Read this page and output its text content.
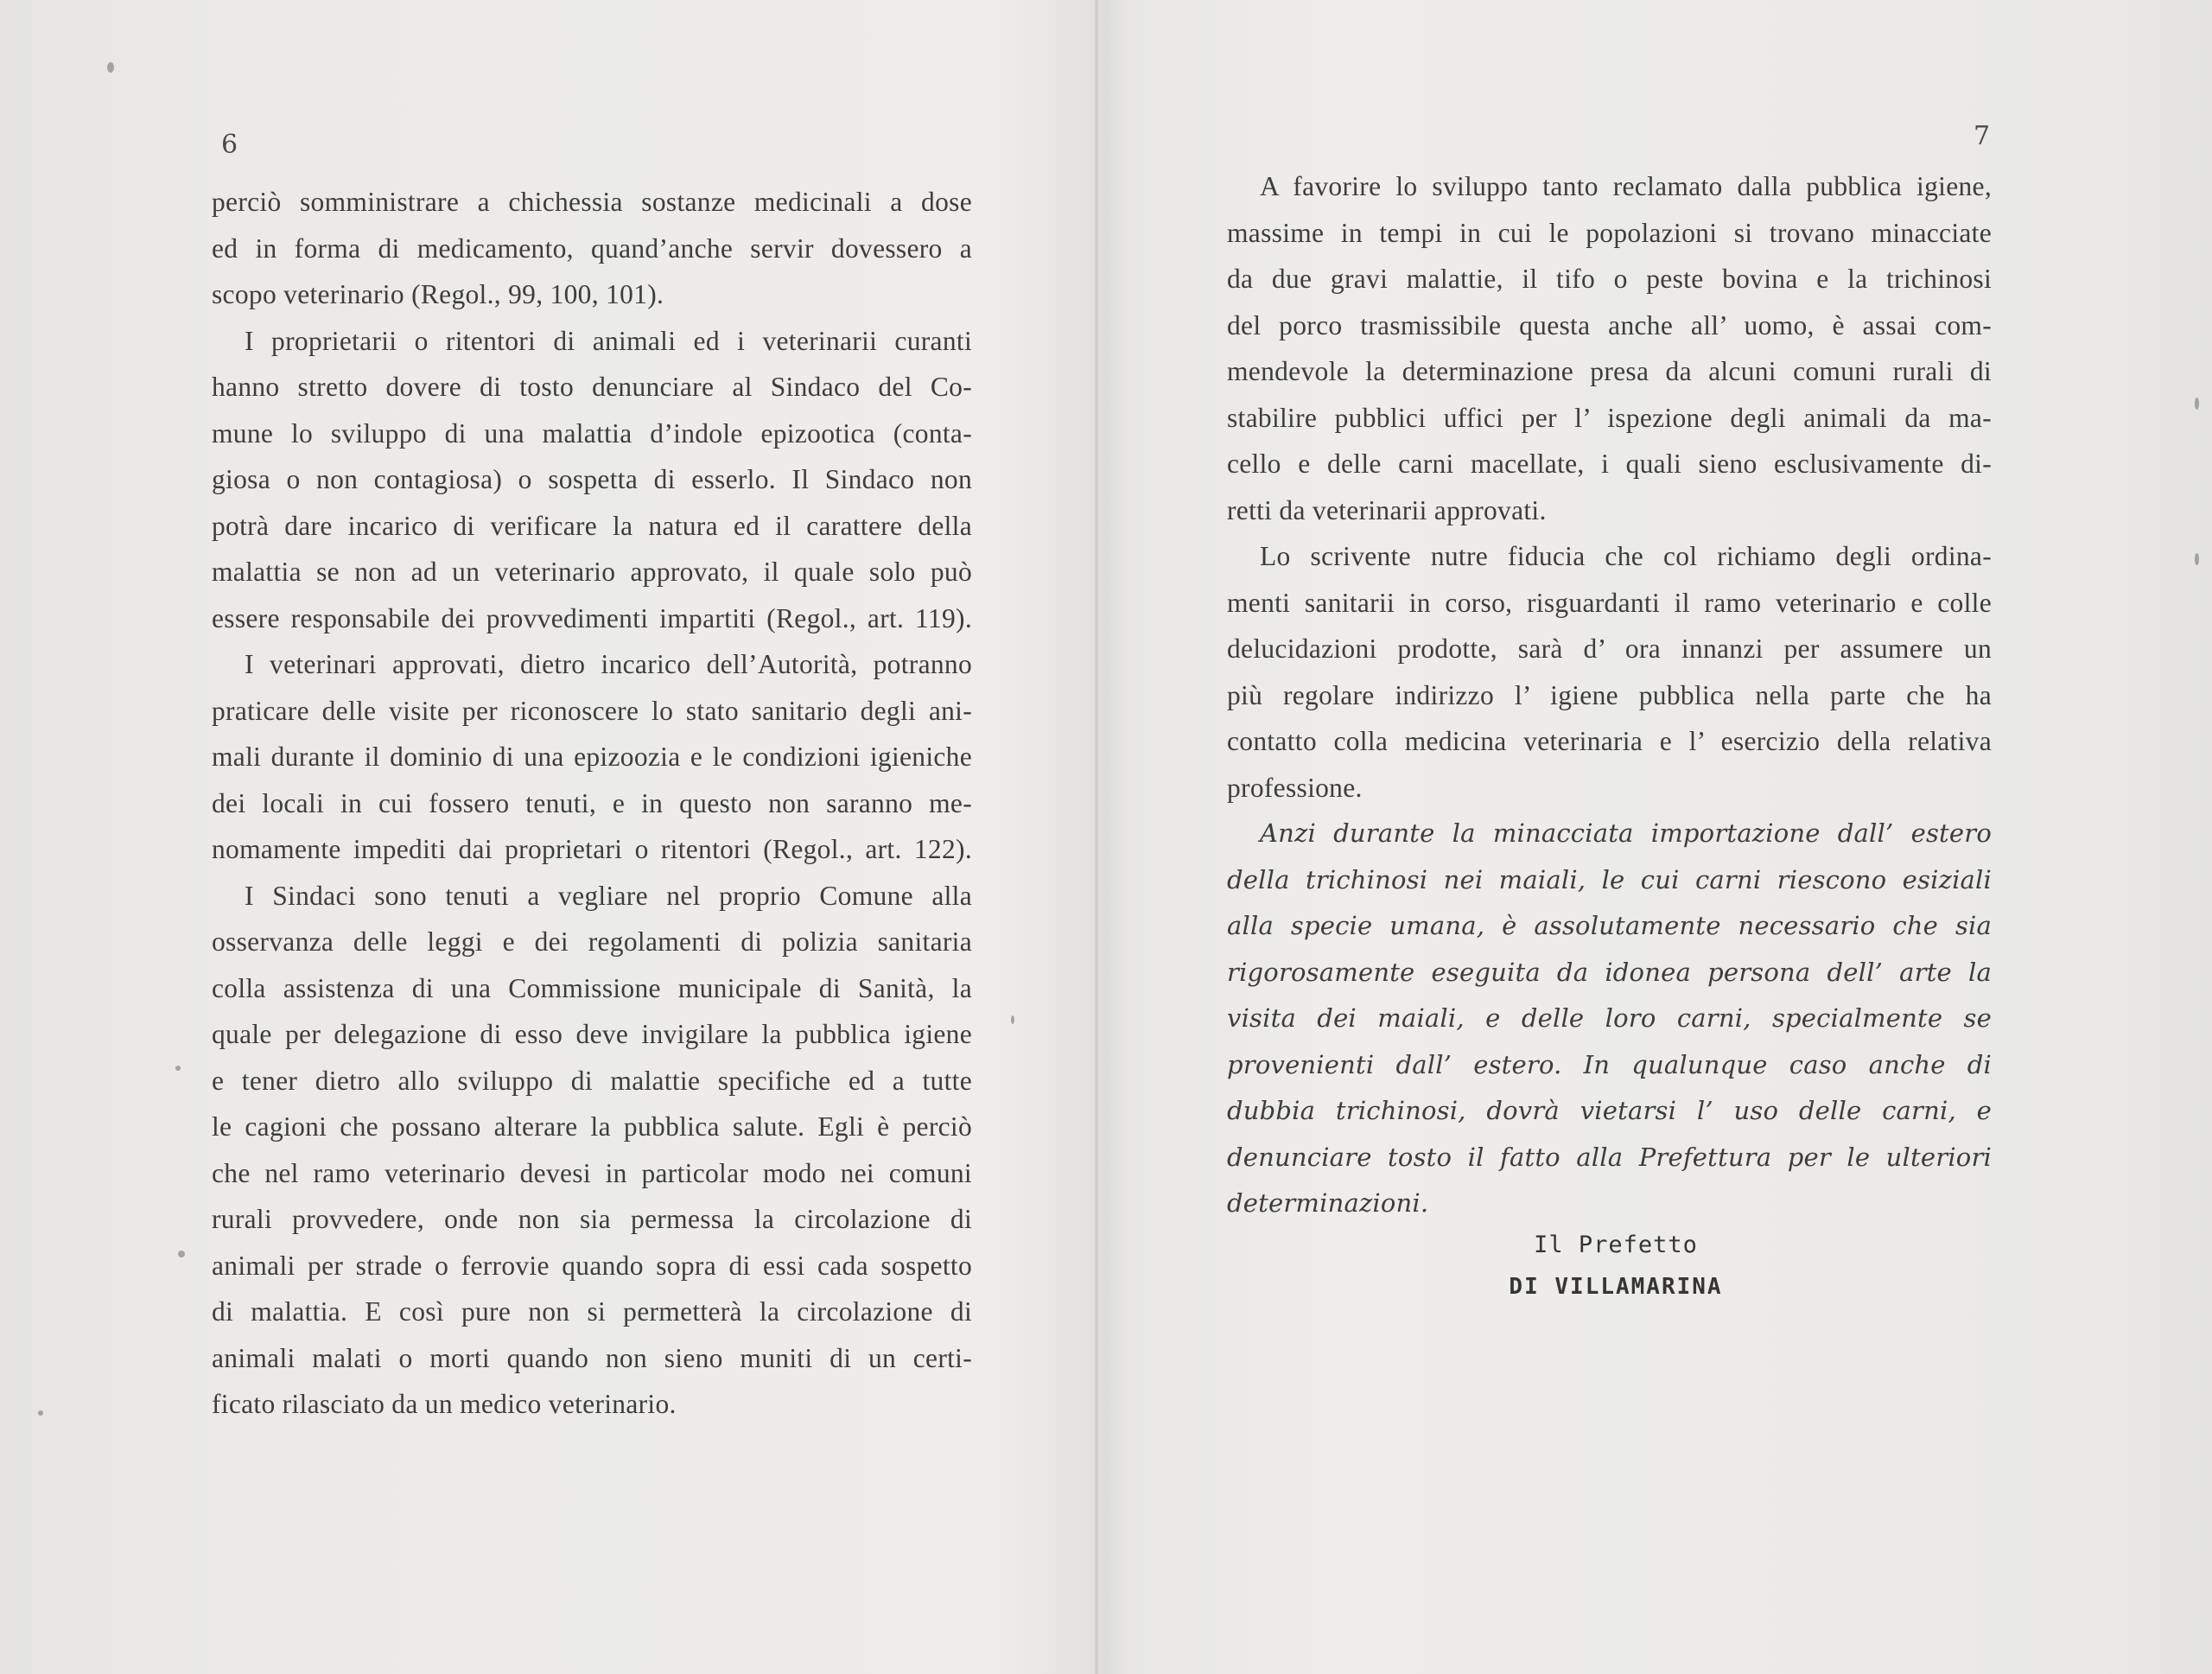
6	7
perciò somministrare a chichessia sostanze medicinali a dose
ed in forma di medicamento, quand’anche servir dovessero a
scopo veterinario (Regol., 99, 100, 101).
I proprietarii o ritentori di animali ed i veterinarii curanti
hanno stretto dovere di tosto denunciare al Sindaco del Co-
mune lo sviluppo di una malattia d’indole epizootica (conta-
giosa o non contagiosa) o sospetta di esserlo. Il Sindaco non
potrà dare incarico di verificare la natura ed il carattere della
malattia se non ad un veterinario approvato, il quale solo può
essere responsabile dei provvedimenti impartiti (Regol., art. 119).
I veterinari approvati, dietro incarico dell’Autorità, potranno
praticare delle visite per riconoscere lo stato sanitario degli ani-
mali durante il dominio di una epizoozia e le condizioni igieniche
dei locali in cui fossero tenuti, e in questo non saranno me-
nomamente impediti dai proprietari o ritentori (Regol., art. 122).
I Sindaci sono tenuti a vegliare nel proprio Comune alla
osservanza delle leggi e dei regolamenti di polizia sanitaria
colla assistenza di una Commissione municipale di Sanità, la
quale per delegazione di esso deve invigilare la pubblica igiene
e tener dietro allo sviluppo di malattie specifiche ed a tutte
le cagioni che possano alterare la pubblica salute. Egli è perciò
che nel ramo veterinario devesi in particolar modo nei comuni
rurali provvedere, onde non sia permessa la circolazione di
animali per strade o ferrovie quando sopra di essi cada sospetto
di malattia. E così pure non si permetterà la circolazione di
animali malati o morti quando non sieno muniti di un certi-
ficato rilasciato da un medico veterinario.
A favorire lo sviluppo tanto reclamato dalla pubblica igiene,
massime in tempi in cui le popolazioni si trovano minacciate
da due gravi malattie, il tifo o peste bovina e la trichinosi
del porco trasmissibile questa anche all’ uomo, è assai com-
mendevole la determinazione presa da alcuni comuni rurali di
stabilire pubblici uffici per l’ ispezione degli animali da ma-
cello e delle carni macellate, i quali sieno esclusivamente di-
retti da veterinarii approvati.
Lo scrivente nutre fiducia che col richiamo degli ordina-
menti sanitarii in corso, risguardanti il ramo veterinario e colle
delucidazioni prodotte, sarà d’ ora innanzi per assumere un
più regolare indirizzo l’ igiene pubblica nella parte che ha
contatto colla medicina veterinaria e l’ esercizio della relativa
professione.
Anzi durante la minacciata importazione dall’ estero
della trichinosi nei maiali, le cui carni riescono esiziali
alla specie umana, è assolutamente necessario che sia
rigorosamente eseguita da idonea persona dell’ arte la
visita dei maiali, e delle loro carni, specialmente se
provenienti dall’ estero. In qualunque caso anche di
dubbia trichinosi, dovrà vietarsi l’ uso delle carni, e
denunciare tosto il fatto alla Prefettura per le ulteriori
determinazioni.
Il Prefetto
DI VILLAMARINA
